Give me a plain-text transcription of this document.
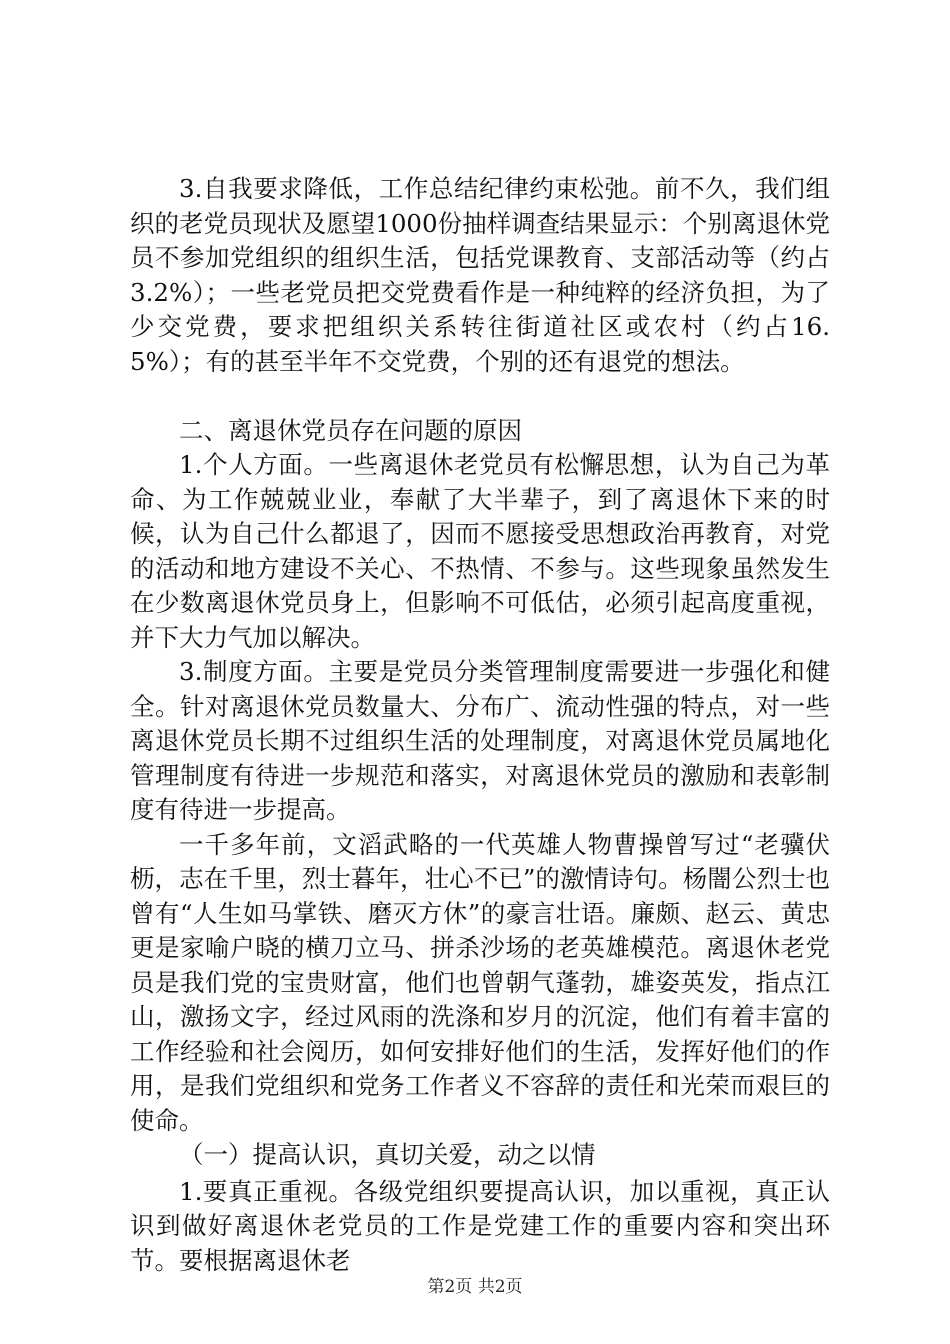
3.自我要求降低，工作总结纪律约束松弛。前不久，我们组织的老党员现状及愿望1000份抽样调查结果显示：个别离退休党员不参加党组织的组织生活，包括党课教育、支部活动等（约占3.2%）；一些老党员把交党费看作是一种纯粹的经济负担，为了少交党费，要求把组织关系转往街道社区或农村（约占16.5%）；有的甚至半年不交党费，个别的还有退党的想法。

二、离退休党员存在问题的原因

1.个人方面。一些离退休老党员有松懈思想，认为自己为革命、为工作兢兢业业，奉献了大半辈子，到了离退休下来的时候，认为自己什么都退了，因而不愿接受思想政治再教育，对党的活动和地方建设不关心、不热情、不参与。这些现象虽然发生在少数离退休党员身上，但影响不可低估，必须引起高度重视，并下大力气加以解决。

3.制度方面。主要是党员分类管理制度需要进一步强化和健全。针对离退休党员数量大、分布广、流动性强的特点，对一些离退休党员长期不过组织生活的处理制度，对离退休党员属地化管理制度有待进一步规范和落实，对离退休党员的激励和表彰制度有待进一步提高。

一千多年前，文滔武略的一代英雄人物曹操曾写过“老骥伏枥，志在千里，烈士暮年，壮心不已”的激情诗句。杨闇公烈士也曾有“人生如马掌铁、磨灭方休”的豪言壮语。廉颇、赵云、黄忠更是家喻户晓的横刀立马、拼杀沙场的老英雄模范。离退休老党员是我们党的宝贵财富，他们也曾朝气蓬勃，雄姿英发，指点江山，激扬文字，经过风雨的洗涤和岁月的沉淀，他们有着丰富的工作经验和社会阅历，如何安排好他们的生活，发挥好他们的作用，是我们党组织和党务工作者义不容辞的责任和光荣而艰巨的使命。

（一）提高认识，真切关爱，动之以情

1.要真正重视。各级党组织要提高认识，加以重视，真正认识到做好离退休老党员的工作是党建工作的重要内容和突出环节。要根据离退休老

第2页 共2页
